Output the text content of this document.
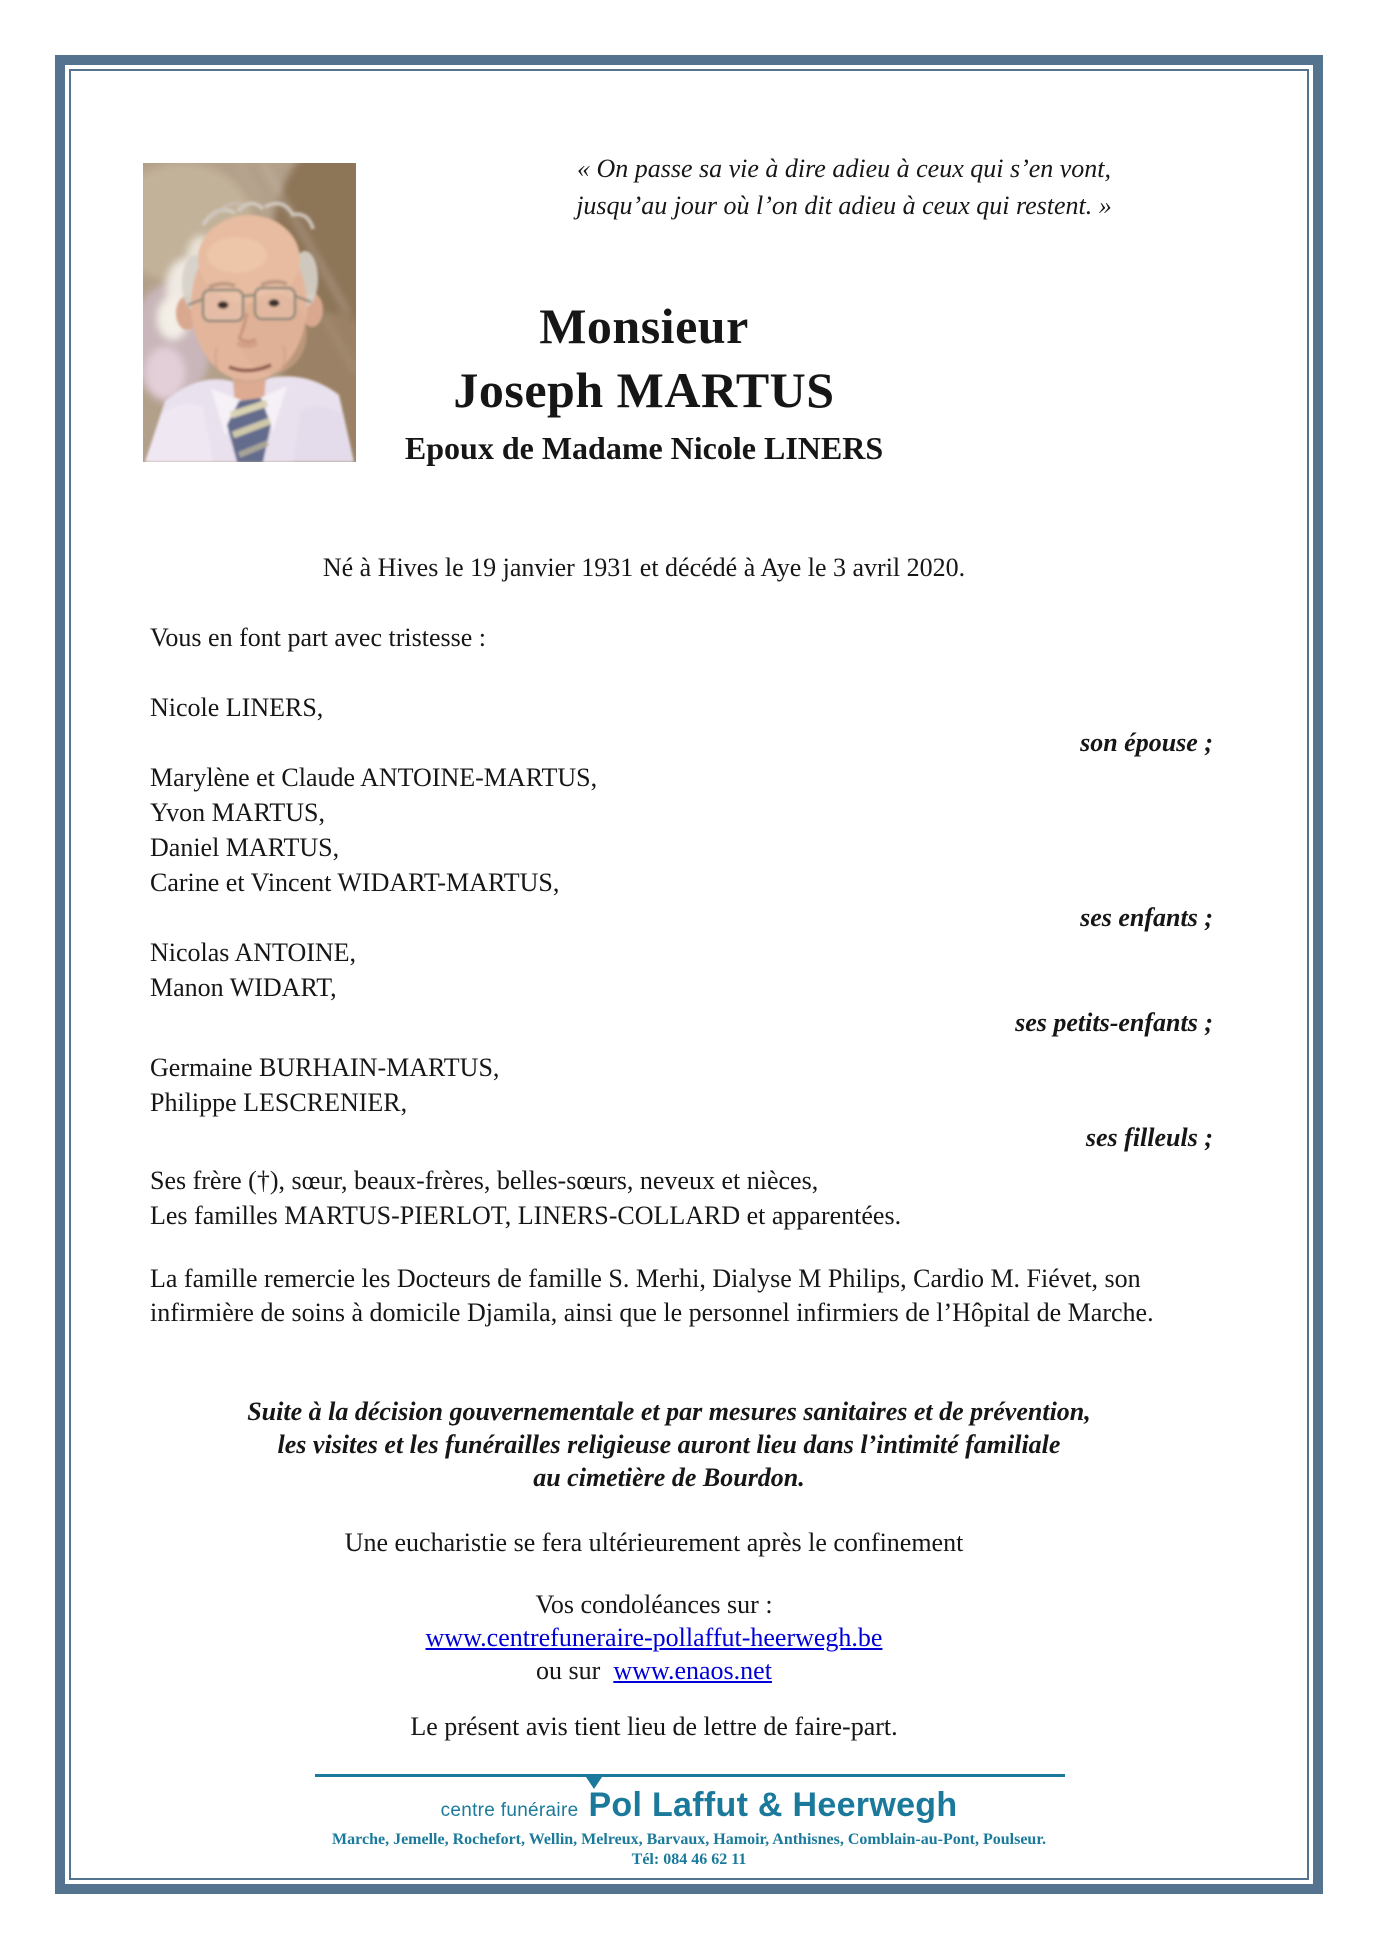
« On passe sa vie à dire adieu à ceux qui s’en vont,
jusqu’au jour où l’on dit adieu à ceux qui restent. »
Monsieur
Joseph MARTUS
Epoux de Madame Nicole LINERS
Né à Hives le 19 janvier 1931 et décédé à Aye le 3 avril 2020.
Vous en font part avec tristesse :
Nicole LINERS,
son épouse ;
Marylène et Claude ANTOINE-MARTUS,
Yvon MARTUS,
Daniel MARTUS,
Carine et Vincent WIDART-MARTUS,
ses enfants ;
Nicolas ANTOINE,
Manon WIDART,
ses petits-enfants ;
Germaine BURHAIN-MARTUS,
Philippe LESCRENIER,
ses filleuls ;
Ses frère (†), sœur, beaux-frères, belles-sœurs, neveux et nièces,
Les familles MARTUS-PIERLOT, LINERS-COLLARD et apparentées.
La famille remercie les Docteurs de famille S. Merhi, Dialyse M Philips, Cardio M. Fiévet, son infirmière de soins à domicile Djamila, ainsi que le personnel infirmiers de l’Hôpital de Marche.
Suite à la décision gouvernementale et par mesures sanitaires et de prévention,
les visites et les funérailles religieuse auront lieu dans l’intimité familiale
au cimetière de Bourdon.
Une eucharistie se fera ultérieurement après le confinement
Vos condoléances sur :
www.centrefuneraire-pollaffut-heerwegh.be
ou sur www.enaos.net
Le présent avis tient lieu de lettre de faire-part.
centre funéraire Pol Laffut & Heerwegh
Marche, Jemelle, Rochefort, Wellin, Melreux, Barvaux, Hamoir, Anthisnes, Comblain-au-Pont, Poulseur.
Tél: 084 46 62 11
